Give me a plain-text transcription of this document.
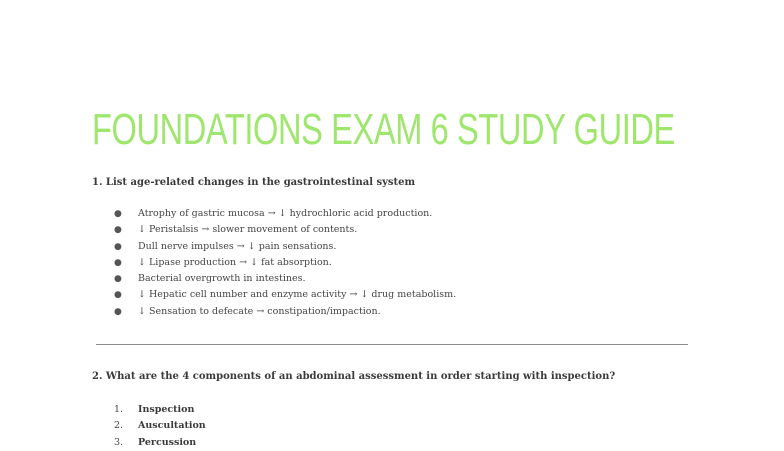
FOUNDATIONS EXAM 6 STUDY GUIDE

1. List age-related changes in the gastrointestinal system

● Atrophy of gastric mucosa → ↓ hydrochloric acid production.
● ↓ Peristalsis → slower movement of contents.
● Dull nerve impulses → ↓ pain sensations.
● ↓ Lipase production → ↓ fat absorption.
● Bacterial overgrowth in intestines.
● ↓ Hepatic cell number and enzyme activity → ↓ drug metabolism.
● ↓ Sensation to defecate → constipation/impaction.

2. What are the 4 components of an abdominal assessment in order starting with inspection?

1. Inspection
2. Auscultation
3. Percussion
